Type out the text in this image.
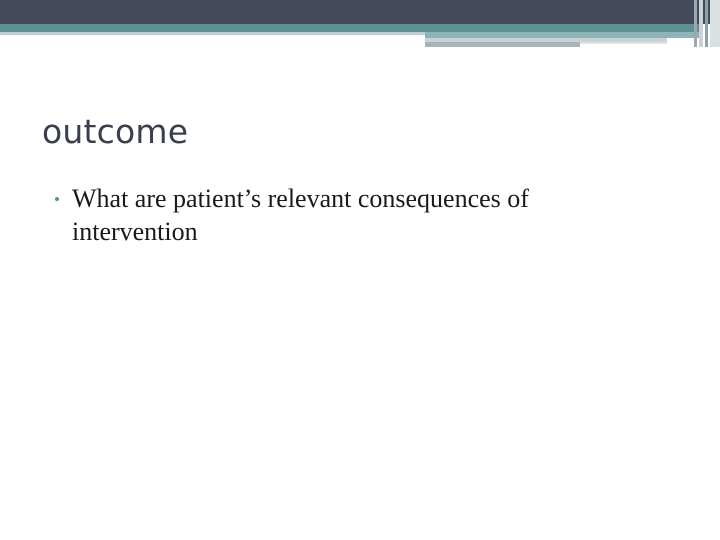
outcome
• What are patient’s relevant consequences of intervention
